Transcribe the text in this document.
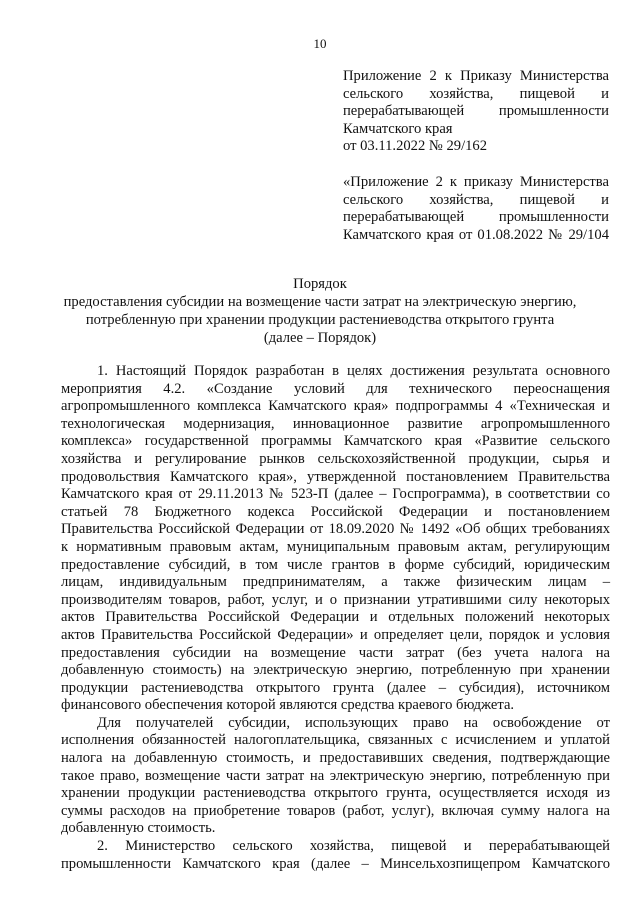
10
Приложение 2 к Приказу Министерства
сельского хозяйства, пищевой и
перерабатывающей промышленности
Камчатского края
от 03.11.2022 № 29/162
«Приложение 2 к приказу Министерства
сельского хозяйства, пищевой и
перерабатывающей промышленности
Камчатского края от 01.08.2022 № 29/104
Порядок
предоставления субсидии на возмещение части затрат на электрическую энергию,
потребленную при хранении продукции растениеводства открытого грунта
(далее – Порядок)
1. Настоящий Порядок разработан в целях достижения результата основного
мероприятия 4.2. «Создание условий для технического переоснащения
агропромышленного комплекса Камчатского края» подпрограммы 4 «Техническая и
технологическая модернизация, инновационное развитие агропромышленного
комплекса» государственной программы Камчатского края «Развитие сельского
хозяйства и регулирование рынков сельскохозяйственной продукции, сырья и
продовольствия Камчатского края», утвержденной постановлением Правительства
Камчатского края от 29.11.2013 № 523-П (далее – Госпрограмма), в соответствии со
статьей 78 Бюджетного кодекса Российской Федерации и постановлением
Правительства Российской Федерации от 18.09.2020 № 1492 «Об общих требованиях
к нормативным правовым актам, муниципальным правовым актам, регулирующим
предоставление субсидий, в том числе грантов в форме субсидий, юридическим
лицам, индивидуальным предпринимателям, а также физическим лицам –
производителям товаров, работ, услуг, и о признании утратившими силу некоторых
актов Правительства Российской Федерации и отдельных положений некоторых
актов Правительства Российской Федерации» и определяет цели, порядок и условия
предоставления субсидии на возмещение части затрат (без учета налога на
добавленную стоимость) на электрическую энергию, потребленную при хранении
продукции растениеводства открытого грунта (далее – субсидия), источником
финансового обеспечения которой являются средства краевого бюджета.
Для получателей субсидии, использующих право на освобождение от
исполнения обязанностей налогоплательщика, связанных с исчислением и уплатой
налога на добавленную стоимость, и предоставивших сведения, подтверждающие
такое право, возмещение части затрат на электрическую энергию, потребленную при
хранении продукции растениеводства открытого грунта, осуществляется исходя из
суммы расходов на приобретение товаров (работ, услуг), включая сумму налога на
добавленную стоимость.
2. Министерство сельского хозяйства, пищевой и перерабатывающей
промышленности Камчатского края (далее – Минсельхозпищепром Камчатского
